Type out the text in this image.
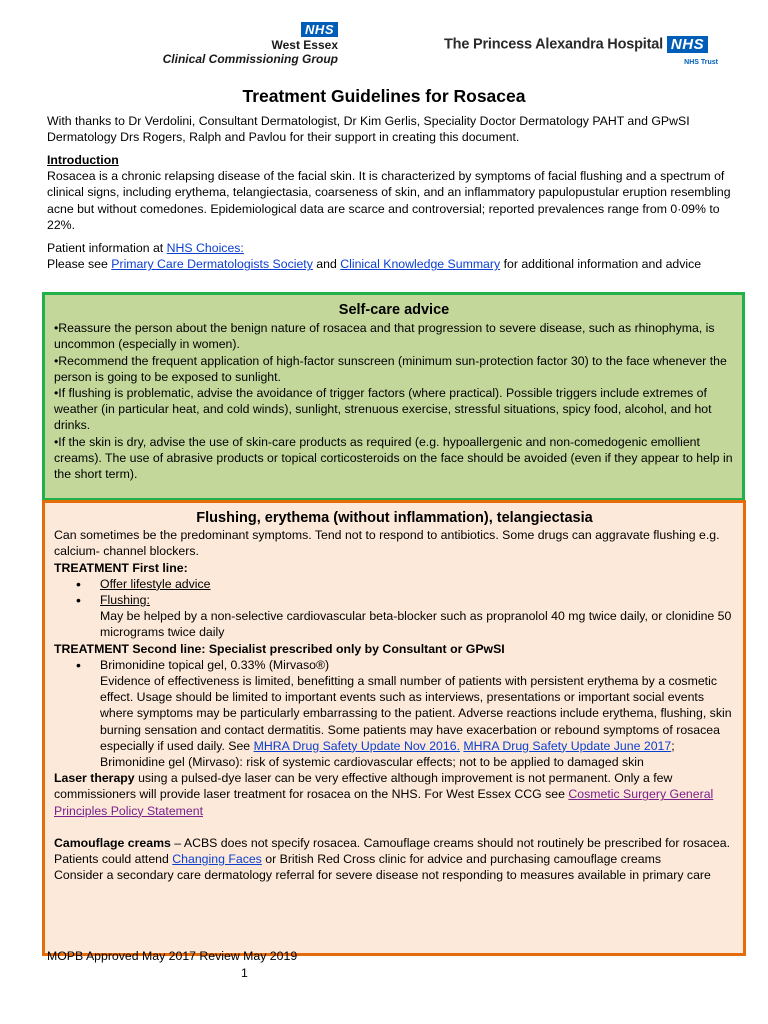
NHS
West Essex
Clinical Commissioning Group
The Princess Alexandra Hospital NHS
NHS Trust
Treatment Guidelines for Rosacea

With thanks to Dr Verdolini, Consultant Dermatologist, Dr Kim Gerlis, Speciality Doctor Dermatology PAHT and GPwSI Dermatology Drs Rogers, Ralph and Pavlou for their support in creating this document.

Introduction

Rosacea is a chronic relapsing disease of the facial skin. It is characterized by symptoms of facial flushing and a spectrum of clinical signs, including erythema, telangiectasia, coarseness of skin, and an inflammatory papulopustular eruption resembling acne but without comedones. Epidemiological data are scarce and controversial; reported prevalences range from 0·09% to 22%.

Patient information at NHS Choices:

Please see Primary Care Dermatologists Society and Clinical Knowledge Summary for additional information and advice

Self-care advice

•Reassure the person about the benign nature of rosacea and that progression to severe disease, such as rhinophyma, is uncommon (especially in women).

•Recommend the frequent application of high-factor sunscreen (minimum sun-protection factor 30) to the face whenever the person is going to be exposed to sunlight.

•If flushing is problematic, advise the avoidance of trigger factors (where practical). Possible triggers include extremes of weather (in particular heat, and cold winds), sunlight, strenuous exercise, stressful situations, spicy food, alcohol, and hot drinks.

•If the skin is dry, advise the use of skin-care products as required (e.g. hypoallergenic and non-comedogenic emollient creams). The use of abrasive products or topical corticosteroids on the face should be avoided (even if they appear to help in the short term).

Flushing, erythema (without inflammation), telangiectasia

Can sometimes be the predominant symptoms. Tend not to respond to antibiotics. Some drugs can aggravate flushing e.g. calcium- channel blockers.

TREATMENT First line:

• Offer lifestyle advice
• Flushing:
May be helped by a non-selective cardiovascular beta-blocker such as propranolol 40 mg twice daily, or clonidine 50 micrograms twice daily

TREATMENT Second line: Specialist prescribed only by Consultant or GPwSI

• Brimonidine topical gel, 0.33% (Mirvaso®)
Evidence of effectiveness is limited, benefitting a small number of patients with persistent erythema by a cosmetic effect. Usage should be limited to important events such as interviews, presentations or important social events where symptoms may be particularly embarrassing to the patient. Adverse reactions include erythema, flushing, skin burning sensation and contact dermatitis. Some patients may have exacerbation or rebound symptoms of rosacea especially if used daily. See MHRA Drug Safety Update Nov 2016. MHRA Drug Safety Update June 2017; Brimonidine gel (Mirvaso): risk of systemic cardiovascular effects; not to be applied to damaged skin

Laser therapy using a pulsed-dye laser can be very effective although improvement is not permanent. Only a few commissioners will provide laser treatment for rosacea on the NHS. For West Essex CCG see Cosmetic Surgery General Principles Policy Statement

Camouflage creams – ACBS does not specify rosacea. Camouflage creams should not routinely be prescribed for rosacea. Patients could attend Changing Faces or British Red Cross clinic for advice and purchasing camouflage creams

Consider a secondary care dermatology referral for severe disease not responding to measures available in primary care

MOPB Approved May 2017 Review May 2019
1
